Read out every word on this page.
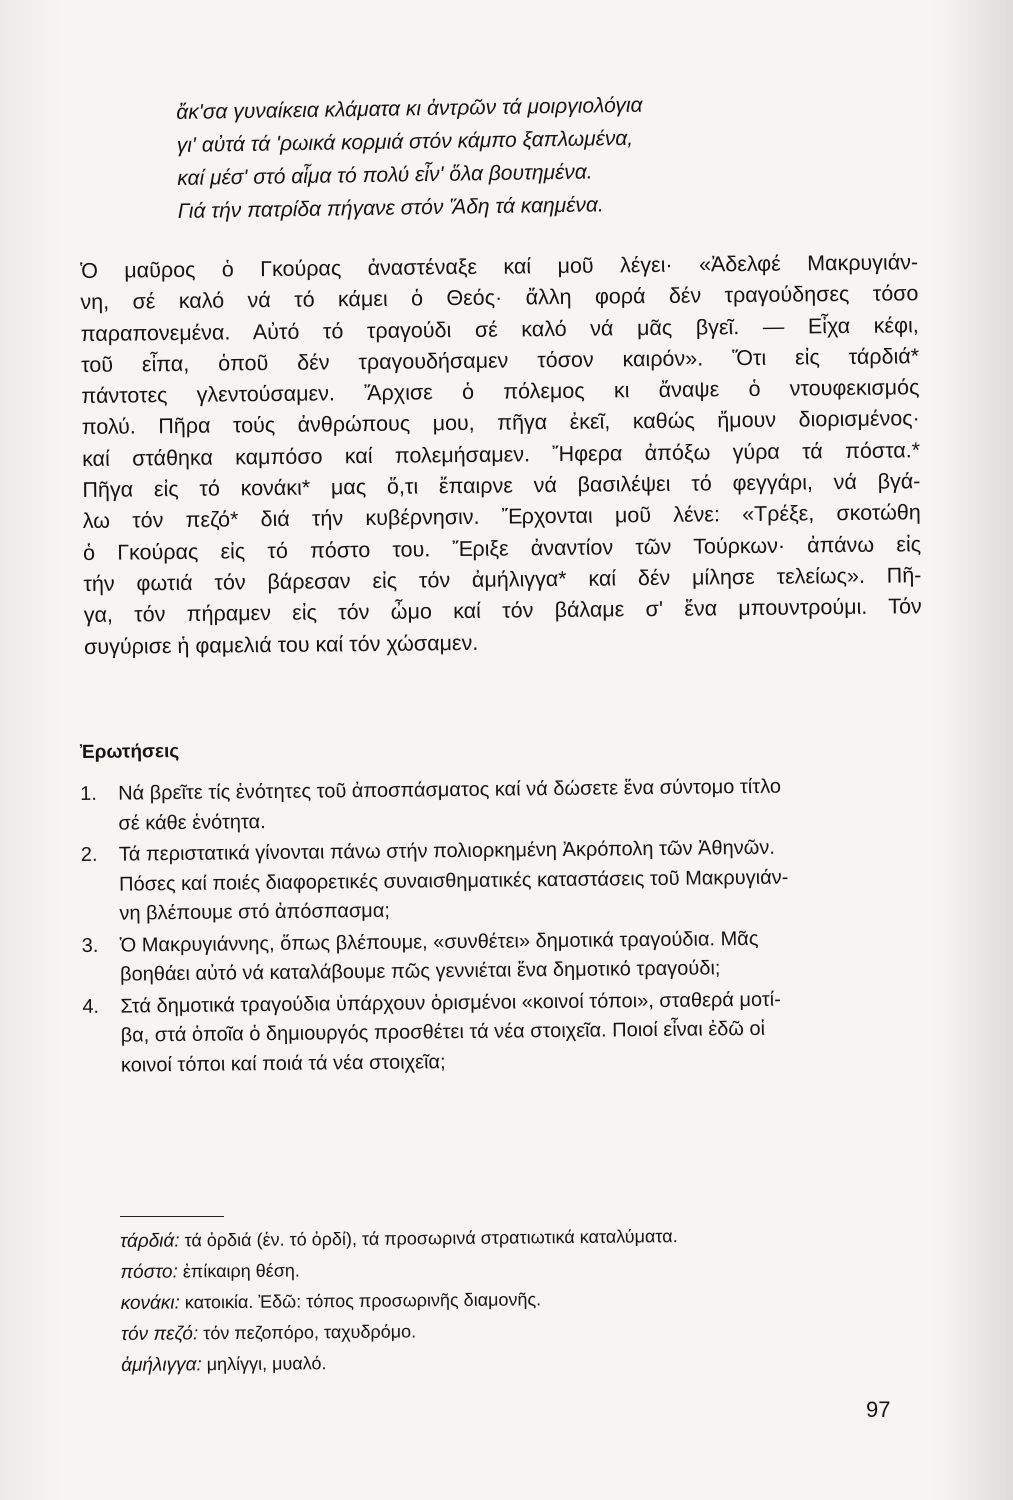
ἄκ'σα γυναίκεια κλάματα κι ἀντρῶν τά μοιργιολόγια
γι' αὐτά τά 'ρωικά κορμιά στόν κάμπο ξαπλωμένα,
καί μέσ' στό αἷμα τό πολύ εἶν' ὅλα βουτημένα.
Γιά τήν πατρίδα πήγανε στόν Ἅδη τά καημένα.
Ὁ μαῦρος ὁ Γκούρας ἀναστέναξε καί μοῦ λέγει· «Ἀδελφέ Μακρυγιάν-
νη, σέ καλό νά τό κάμει ὁ Θεός· ἄλλη φορά δέν τραγούδησες τόσο
παραπονεμένα. Αὐτό τό τραγούδι σέ καλό νά μᾶς βγεῖ. — Εἶχα κέφι,
τοῦ εἶπα, ὁποῦ δέν τραγουδήσαμεν τόσον καιρόν». Ὅτι εἰς τάρδιά*
πάντοτες γλεντούσαμεν. Ἄρχισε ὁ πόλεμος κι ἄναψε ὁ ντουφεκισμός
πολύ. Πῆρα τούς ἀνθρώπους μου, πῆγα ἐκεῖ, καθώς ἤμουν διορισμένος·
καί στάθηκα καμπόσο καί πολεμήσαμεν. Ἤφερα ἀπόξω γύρα τά πόστα.*
Πῆγα εἰς τό κονάκι* μας ὅ,τι ἔπαιρνε νά βασιλέψει τό φεγγάρι, νά βγά-
λω τόν πεζό* διά τήν κυβέρνησιν. Ἔρχονται μοῦ λένε: «Τρέξε, σκοτώθη
ὁ Γκούρας εἰς τό πόστο του. Ἔριξε ἀναντίον τῶν Τούρκων· ἀπάνω εἰς
τήν φωτιά τόν βάρεσαν εἰς τόν ἀμήλιγγα* καί δέν μίλησε τελείως». Πῆ-
γα, τόν πήραμεν εἰς τόν ὦμο καί τόν βάλαμε σ' ἕνα μπουντρούμι. Τόν
συγύρισε ἡ φαμελιά του καί τόν χώσαμεν.
Ἐρωτήσεις
1.	Νά βρεῖτε τίς ἑνότητες τοῦ ἀποσπάσματος καί νά δώσετε ἕνα σύντομο τίτλο
σέ κάθε ἑνότητα.
2.	Τά περιστατικά γίνονται πάνω στήν πολιορκημένη Ἀκρόπολη τῶν Ἀθηνῶν.
Πόσες καί ποιές διαφορετικές συναισθηματικές καταστάσεις τοῦ Μακρυγιάν-
νη βλέπουμε στό ἀπόσπασμα;
3.	Ὁ Μακρυγιάννης, ὅπως βλέπουμε, «συνθέτει» δημοτικά τραγούδια. Μᾶς
βοηθάει αὐτό νά καταλάβουμε πῶς γεννιέται ἕνα δημοτικό τραγούδι;
4.	Στά δημοτικά τραγούδια ὑπάρχουν ὁρισμένοι «κοινοί τόποι», σταθερά μοτί-
βα, στά ὁποῖα ὁ δημιουργός προσθέτει τά νέα στοιχεῖα. Ποιοί εἶναι ἐδῶ οἱ
κοινοί τόποι καί ποιά τά νέα στοιχεῖα;
τάρδιά: τά ὀρδιά (ἑν. τό ὀρδί), τά προσωρινά στρατιωτικά καταλύματα.
πόστο: ἐπίκαιρη θέση.
κονάκι: κατοικία. Ἐδῶ: τόπος προσωρινῆς διαμονῆς.
τόν πεζό: τόν πεζοπόρο, ταχυδρόμο.
ἀμήλιγγα: μηλίγγι, μυαλό.
97
